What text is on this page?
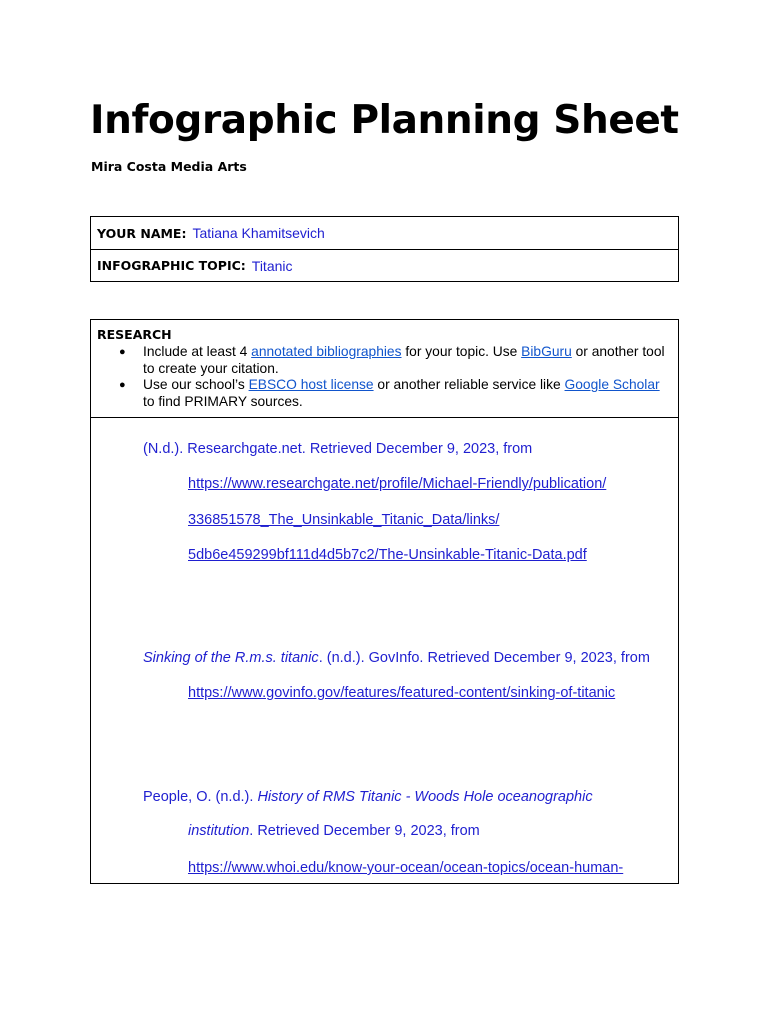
Infographic Planning Sheet
Mira Costa Media Arts
YOUR NAME: Tatiana Khamitsevich
INFOGRAPHIC TOPIC: Titanic
RESEARCH
● Include at least 4 annotated bibliographies for your topic. Use BibGuru or another tool
to create your citation.
● Use our school’s EBSCO host license or another reliable service like Google Scholar
to find PRIMARY sources.
(N.d.). Researchgate.net. Retrieved December 9, 2023, from
https://www.researchgate.net/profile/Michael-Friendly/publication/
336851578_The_Unsinkable_Titanic_Data/links/
5db6e459299bf111d4d5b7c2/The-Unsinkable-Titanic-Data.pdf
Sinking of the R.m.s. titanic. (n.d.). GovInfo. Retrieved December 9, 2023, from
https://www.govinfo.gov/features/featured-content/sinking-of-titanic
People, O. (n.d.). History of RMS Titanic - Woods Hole oceanographic
institution. Retrieved December 9, 2023, from
https://www.whoi.edu/know-your-ocean/ocean-topics/ocean-human-
